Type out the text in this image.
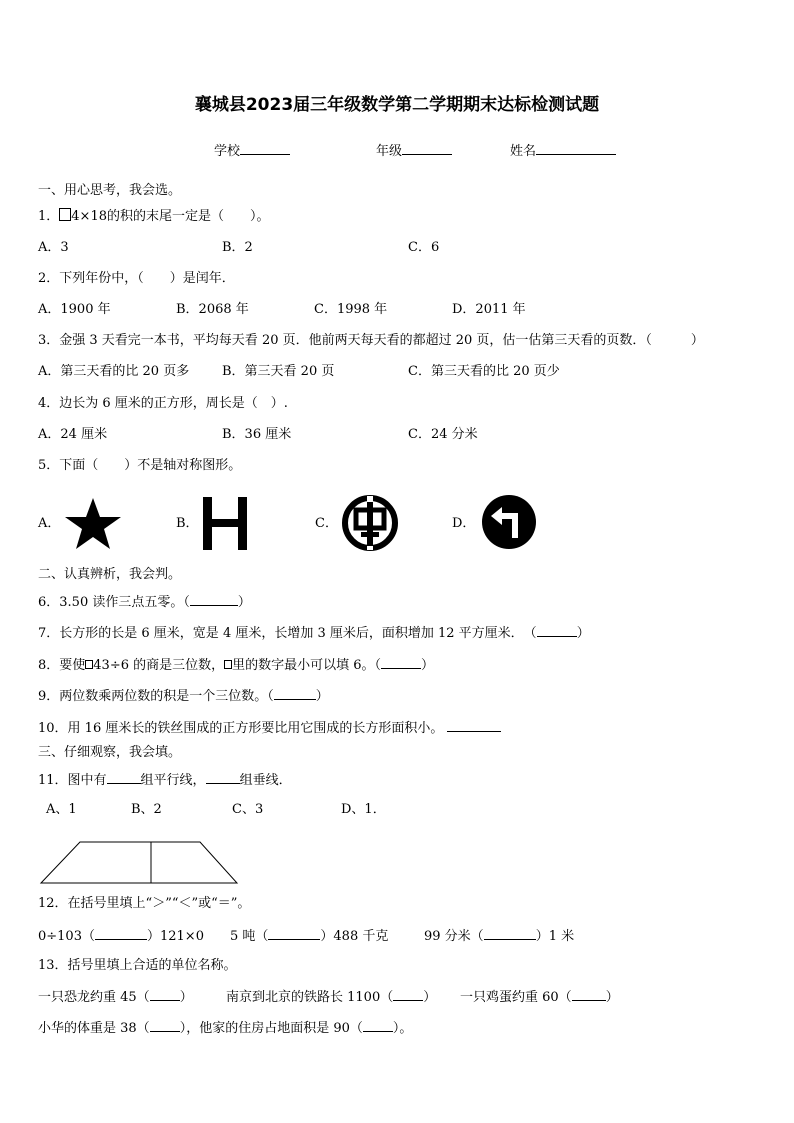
襄城县2023届三年级数学第二学期期末达标检测试题
学校	年级	姓名
一、用心思考，我会选。
1． 4×18的积的末尾一定是（　　）。
A．3	B．2	C．6
2．下列年份中，（　　）是闰年．
A．1900 年	B．2068 年	C．1998 年	D．2011 年
3．金强 3 天看完一本书，平均每天看 20 页．他前两天每天看的都超过 20 页，估一估第三天看的页数．（　　　）
A．第三天看的比 20 页多	B．第三天看 20 页	C．第三天看的比 20 页少
4．边长为 6 厘米的正方形，周长是（　）.
A．24 厘米	B．36 厘米	C．24 分米
5．下面（　　）不是轴对称图形。
A．	B．	C．	D．
二、认真辨析，我会判。
6．3.50 读作三点五零。（	）
7．长方形的长是 6 厘米，宽是 4 厘米，长增加 3 厘米后，面积增加 12 平方厘米．　（	）
8．要使 43÷6 的商是三位数， 里的数字最小可以填 6。（	）
9．两位数乘两位数的积是一个三位数。（	）
10．用 16 厘米长的铁丝围成的正方形要比用它围成的长方形面积小。
三、仔细观察，我会填。
11．图中有	组平行线，	组垂线．
A、1	B、2	C、3	D、1．
12．在括号里填上“＞”“＜”或“＝”。
0÷103（	）121×0 5 吨（	）488 千克	99 分米（	）1 米
13．括号里填上合适的单位名称。
一只恐龙约重 45（ ）	南京到北京的铁路长 1100（ ） 一只鸡蛋约重 60（	）
小华的体重是 38（ ），他家的住房占地面积是 90（ ）。
